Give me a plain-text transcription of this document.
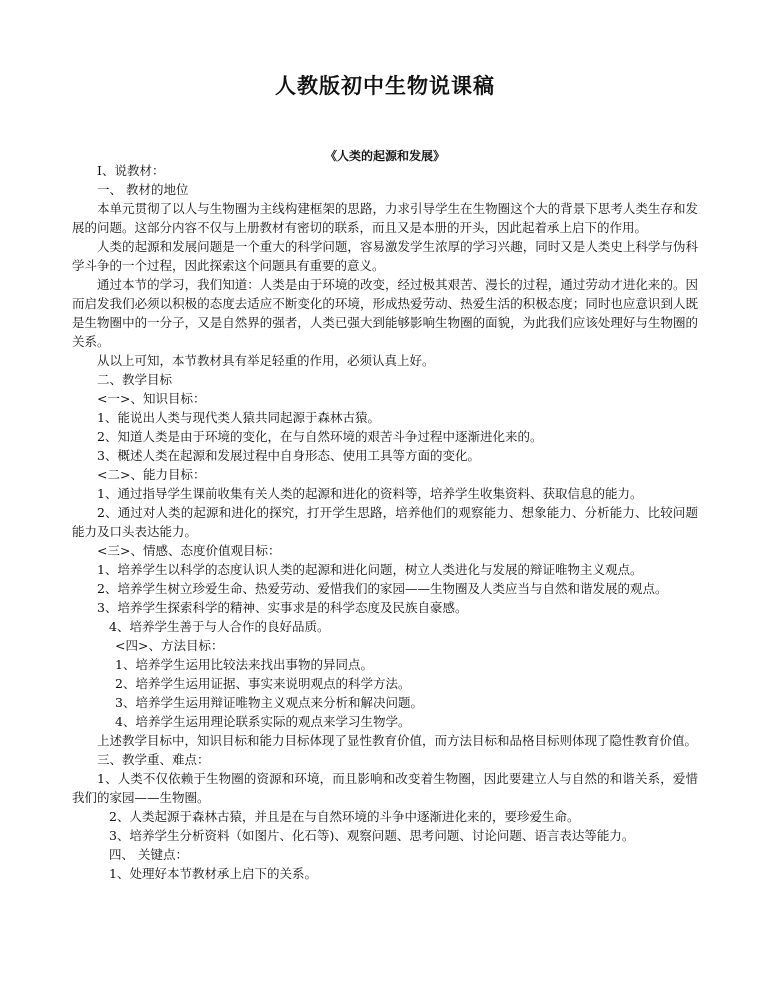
人教版初中生物说课稿
《人类的起源和发展》

Ⅰ、说教材：

一、 教材的地位

本单元贯彻了以人与生物圈为主线构建框架的思路，力求引导学生在生物圈这个大的背景下思考人类生存和发展的问题。这部分内容不仅与上册教材有密切的联系，而且又是本册的开头，因此起着承上启下的作用。

人类的起源和发展问题是一个重大的科学问题，容易激发学生浓厚的学习兴趣，同时又是人类史上科学与伪科学斗争的一个过程，因此探索这个问题具有重要的意义。

通过本节的学习，我们知道：人类是由于环境的改变，经过极其艰苦、漫长的过程，通过劳动才进化来的。因而启发我们必须以积极的态度去适应不断变化的环境，形成热爱劳动、热爱生活的积极态度；同时也应意识到人既是生物圈中的一分子，又是自然界的强者，人类已强大到能够影响生物圈的面貌，为此我们应该处理好与生物圈的关系。

从以上可知，本节教材具有举足轻重的作用，必须认真上好。

二、教学目标

<一>、知识目标：

1、能说出人类与现代类人猿共同起源于森林古猿。

2、知道人类是由于环境的变化，在与自然环境的艰苦斗争过程中逐渐进化来的。

3、概述人类在起源和发展过程中自身形态、使用工具等方面的变化。

<二>、能力目标：

1、通过指导学生课前收集有关人类的起源和进化的资料等，培养学生收集资料、获取信息的能力。

2、通过对人类的起源和进化的探究，打开学生思路，培养他们的观察能力、想象能力、分析能力、比较问题能力及口头表达能力。

<三>、情感、态度价值观目标：

1、培养学生以科学的态度认识人类的起源和进化问题，树立人类进化与发展的辩证唯物主义观点。

2、培养学生树立珍爱生命、热爱劳动、爱惜我们的家园——生物圈及人类应当与自然和谐发展的观点。

3、培养学生探索科学的精神、实事求是的科学态度及民族自豪感。

4、培养学生善于与人合作的良好品质。

<四>、方法目标：

1、培养学生运用比较法来找出事物的异同点。

2、培养学生运用证据、事实来说明观点的科学方法。

3、培养学生运用辩证唯物主义观点来分析和解决问题。

4、培养学生运用理论联系实际的观点来学习生物学。

上述教学目标中，知识目标和能力目标体现了显性教育价值，而方法目标和品格目标则体现了隐性教育价值。

三、教学重、难点：

1、人类不仅依赖于生物圈的资源和环境，而且影响和改变着生物圈，因此要建立人与自然的和谐关系，爱惜我们的家园——生物圈。

2、人类起源于森林古猿，并且是在与自然环境的斗争中逐渐进化来的，要珍爱生命。

3、培养学生分析资料（如图片、化石等)、观察问题、思考问题、讨论问题、语言表达等能力。

四、 关键点：

1、处理好本节教材承上启下的关系。
